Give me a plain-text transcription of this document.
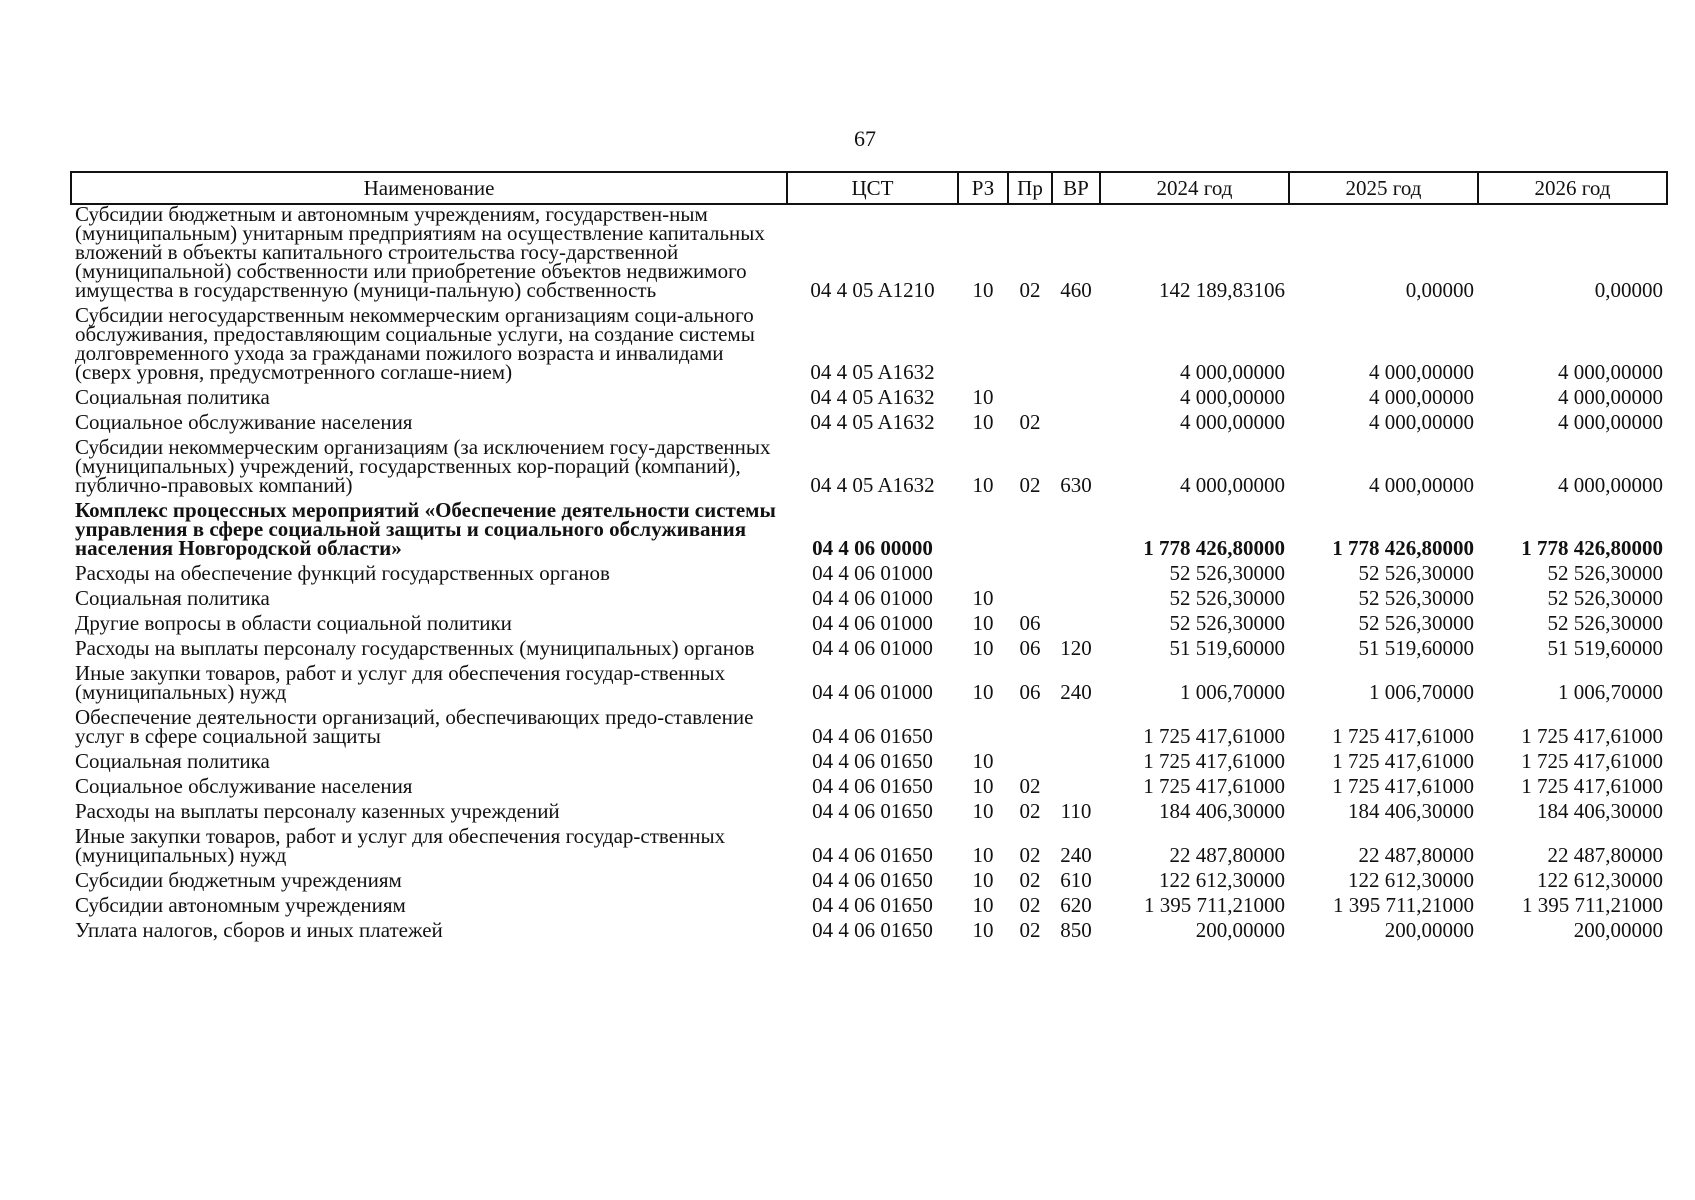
67
Наименование	ЦСТ	РЗ	Пр	ВР	2024 год	2025 год	2026 год
Субсидии бюджетным и автономным учреждениям, государствен-ным (муниципальным) унитарным предприятиям на осуществление капитальных вложений в объекты капитального строительства госу-дарственной (муниципальной) собственности или приобретение объектов недвижимого имущества в государственную (муници-пальную) собственность	04 4 05 A1210	10	02	460	142 189,83106	0,00000	0,00000
Субсидии негосударственным некоммерческим организациям соци-ального обслуживания, предоставляющим социальные услуги, на создание системы долговременного ухода за гражданами пожилого возраста и инвалидами (сверх уровня, предусмотренного соглаше-нием)	04 4 05 A1632				4 000,00000	4 000,00000	4 000,00000
Социальная политика	04 4 05 A1632	10			4 000,00000	4 000,00000	4 000,00000
Социальное обслуживание населения	04 4 05 A1632	10	02		4 000,00000	4 000,00000	4 000,00000
Субсидии некоммерческим организациям (за исключением госу-дарственных (муниципальных) учреждений, государственных кор-пораций (компаний), публично-правовых компаний)	04 4 05 A1632	10	02	630	4 000,00000	4 000,00000	4 000,00000
Комплекс процессных мероприятий «Обеспечение деятельности системы управления в сфере социальной защиты и социального обслуживания населения Новгородской области»	04 4 06 00000				1 778 426,80000	1 778 426,80000	1 778 426,80000
Расходы на обеспечение функций государственных органов	04 4 06 01000				52 526,30000	52 526,30000	52 526,30000
Социальная политика	04 4 06 01000	10			52 526,30000	52 526,30000	52 526,30000
Другие вопросы в области социальной политики	04 4 06 01000	10	06		52 526,30000	52 526,30000	52 526,30000
Расходы на выплаты персоналу государственных (муниципальных) органов	04 4 06 01000	10	06	120	51 519,60000	51 519,60000	51 519,60000
Иные закупки товаров, работ и услуг для обеспечения государ-ственных (муниципальных) нужд	04 4 06 01000	10	06	240	1 006,70000	1 006,70000	1 006,70000
Обеспечение деятельности организаций, обеспечивающих предо-ставление услуг в сфере социальной защиты	04 4 06 01650				1 725 417,61000	1 725 417,61000	1 725 417,61000
Социальная политика	04 4 06 01650	10			1 725 417,61000	1 725 417,61000	1 725 417,61000
Социальное обслуживание населения	04 4 06 01650	10	02		1 725 417,61000	1 725 417,61000	1 725 417,61000
Расходы на выплаты персоналу казенных учреждений	04 4 06 01650	10	02	110	184 406,30000	184 406,30000	184 406,30000
Иные закупки товаров, работ и услуг для обеспечения государ-ственных (муниципальных) нужд	04 4 06 01650	10	02	240	22 487,80000	22 487,80000	22 487,80000
Субсидии бюджетным учреждениям	04 4 06 01650	10	02	610	122 612,30000	122 612,30000	122 612,30000
Субсидии автономным учреждениям	04 4 06 01650	10	02	620	1 395 711,21000	1 395 711,21000	1 395 711,21000
Уплата налогов, сборов и иных платежей	04 4 06 01650	10	02	850	200,00000	200,00000	200,00000
